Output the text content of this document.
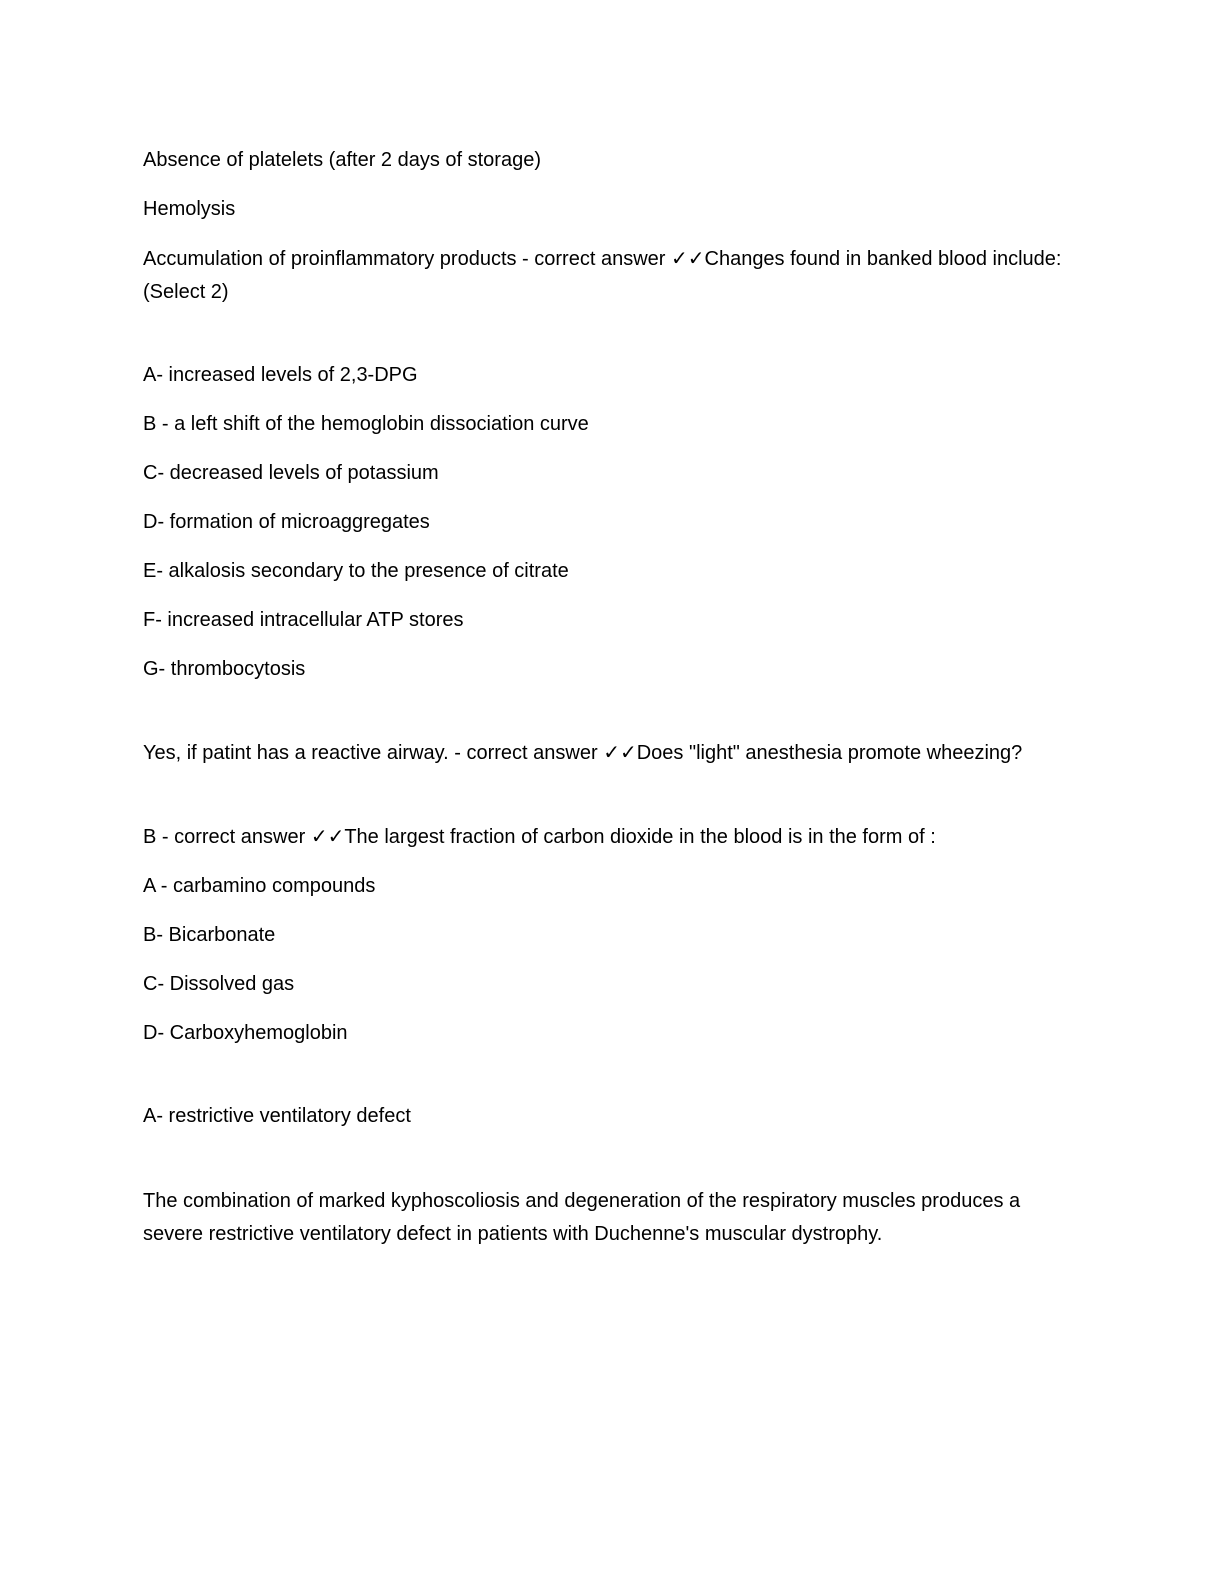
Absence of platelets (after 2 days of storage)

Hemolysis

Accumulation of proinflammatory products - correct answer ✓✓Changes found in banked blood include: (Select 2)

A- increased levels of 2,3-DPG

B - a left shift of the hemoglobin dissociation curve

C- decreased levels of potassium

D- formation of microaggregates

E- alkalosis secondary to the presence of citrate

F- increased intracellular ATP stores

G- thrombocytosis

Yes, if patint has a reactive airway. - correct answer ✓✓Does "light" anesthesia promote wheezing?

B - correct answer ✓✓The largest fraction of carbon dioxide in the blood is in the form of :

A - carbamino compounds

B- Bicarbonate

C- Dissolved gas

D- Carboxyhemoglobin

A- restrictive ventilatory defect

The combination of marked kyphoscoliosis and degeneration of the respiratory muscles produces a severe restrictive ventilatory defect in patients with Duchenne's muscular dystrophy.
